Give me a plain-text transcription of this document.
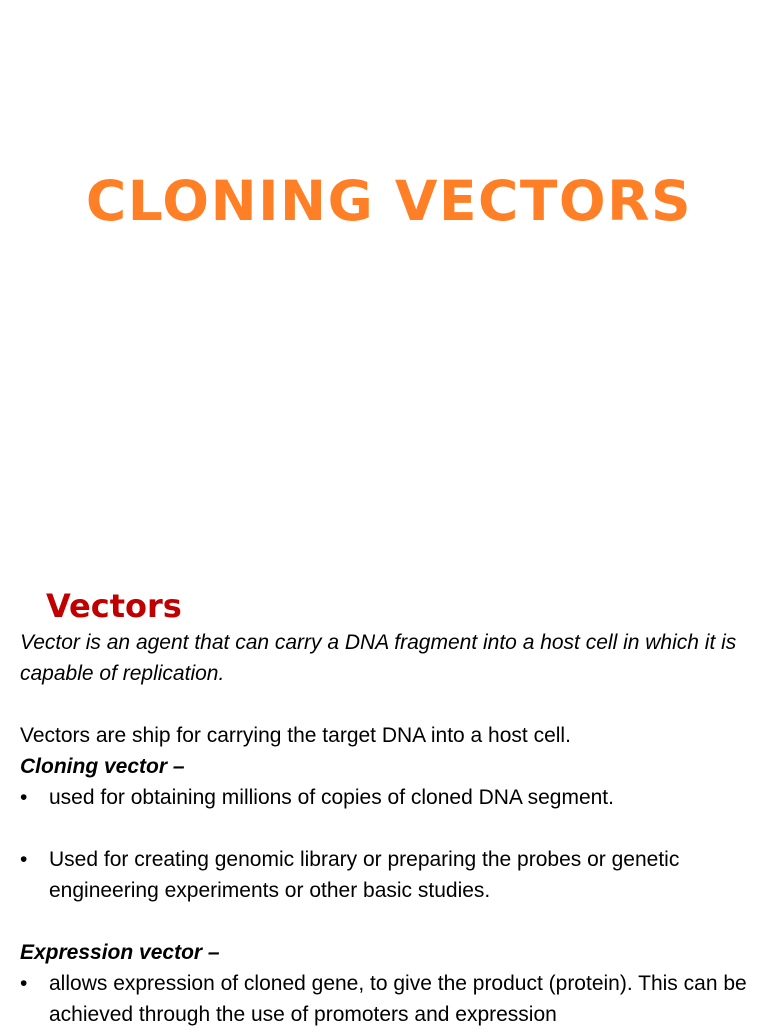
CLONING VECTORS
Vectors

Vector is an agent that can carry a DNA fragment into a host cell in which it is capable of replication.

Vectors are ship for carrying the target DNA into a host cell.

Cloning vector –

• used for obtaining millions of copies of cloned DNA segment.
• Used for creating genomic library or preparing the probes or genetic engineering experiments or other basic studies.

Expression vector –

• allows expression of cloned gene, to give the product (protein). This can be achieved through the use of promoters and expression
